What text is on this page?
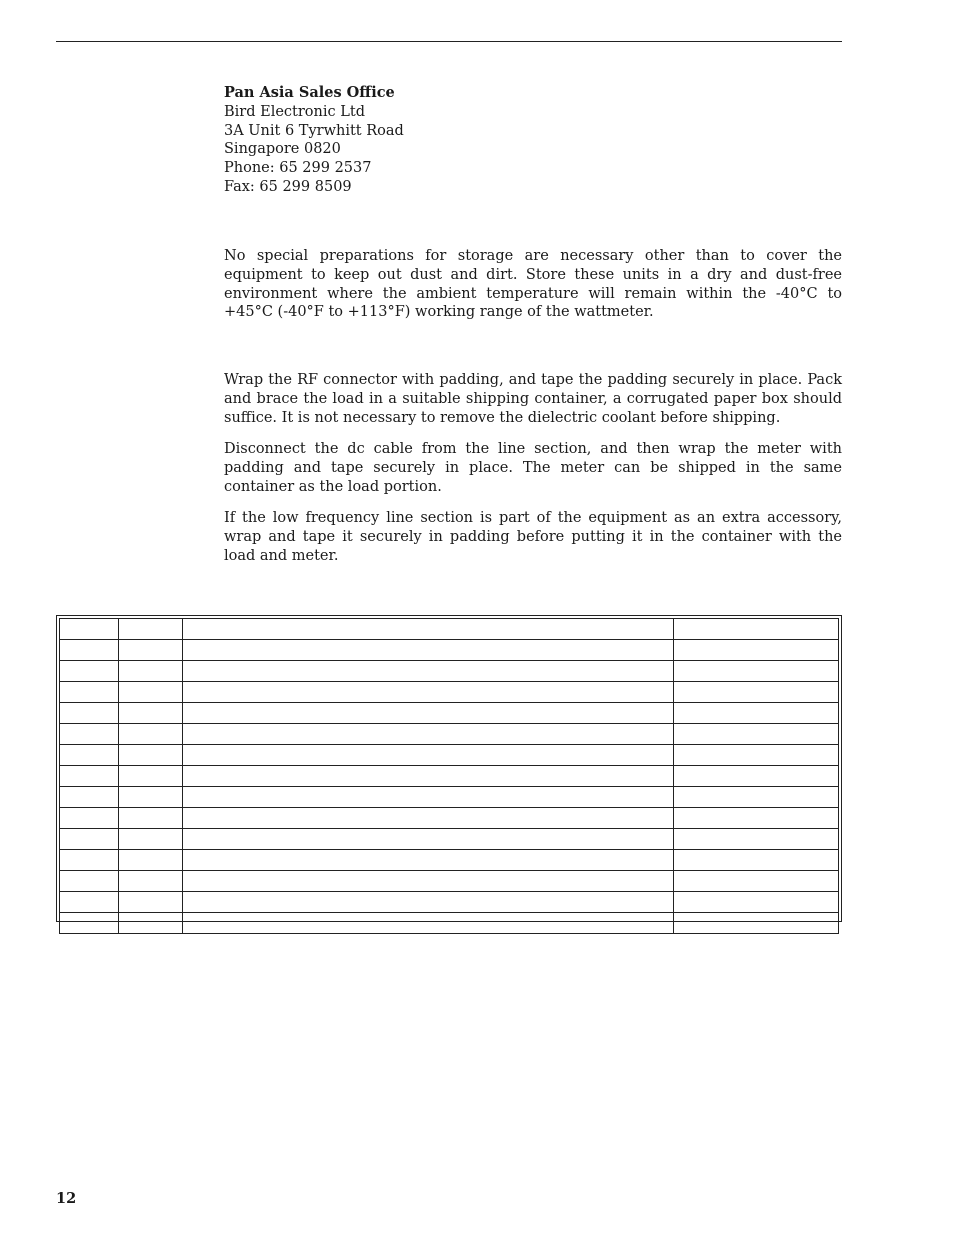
Pan Asia Sales Office
Bird Electronic Ltd
3A Unit 6 Tyrwhitt Road
Singapore 0820
Phone: 65 299 2537
Fax: 65 299 8509

No special preparations for storage are necessary other than to cover the equipment to keep out dust and dirt. Store these units in a dry and dust-free environment where the ambient temperature will remain within the -40°C to +45°C (-40°F to +113°F) working range of the wattmeter.

Wrap the RF connector with padding, and tape the padding securely in place. Pack and brace the load in a suitable shipping container, a corrugated paper box should suffice. It is not necessary to remove the dielectric coolant before shipping.

Disconnect the dc cable from the line section, and then wrap the meter with padding and tape securely in place. The meter can be shipped in the same container as the load portion.

If the low frequency line section is part of the equipment as an extra accessory, wrap and tape it securely in padding before putting it in the container with the load and meter.

12
